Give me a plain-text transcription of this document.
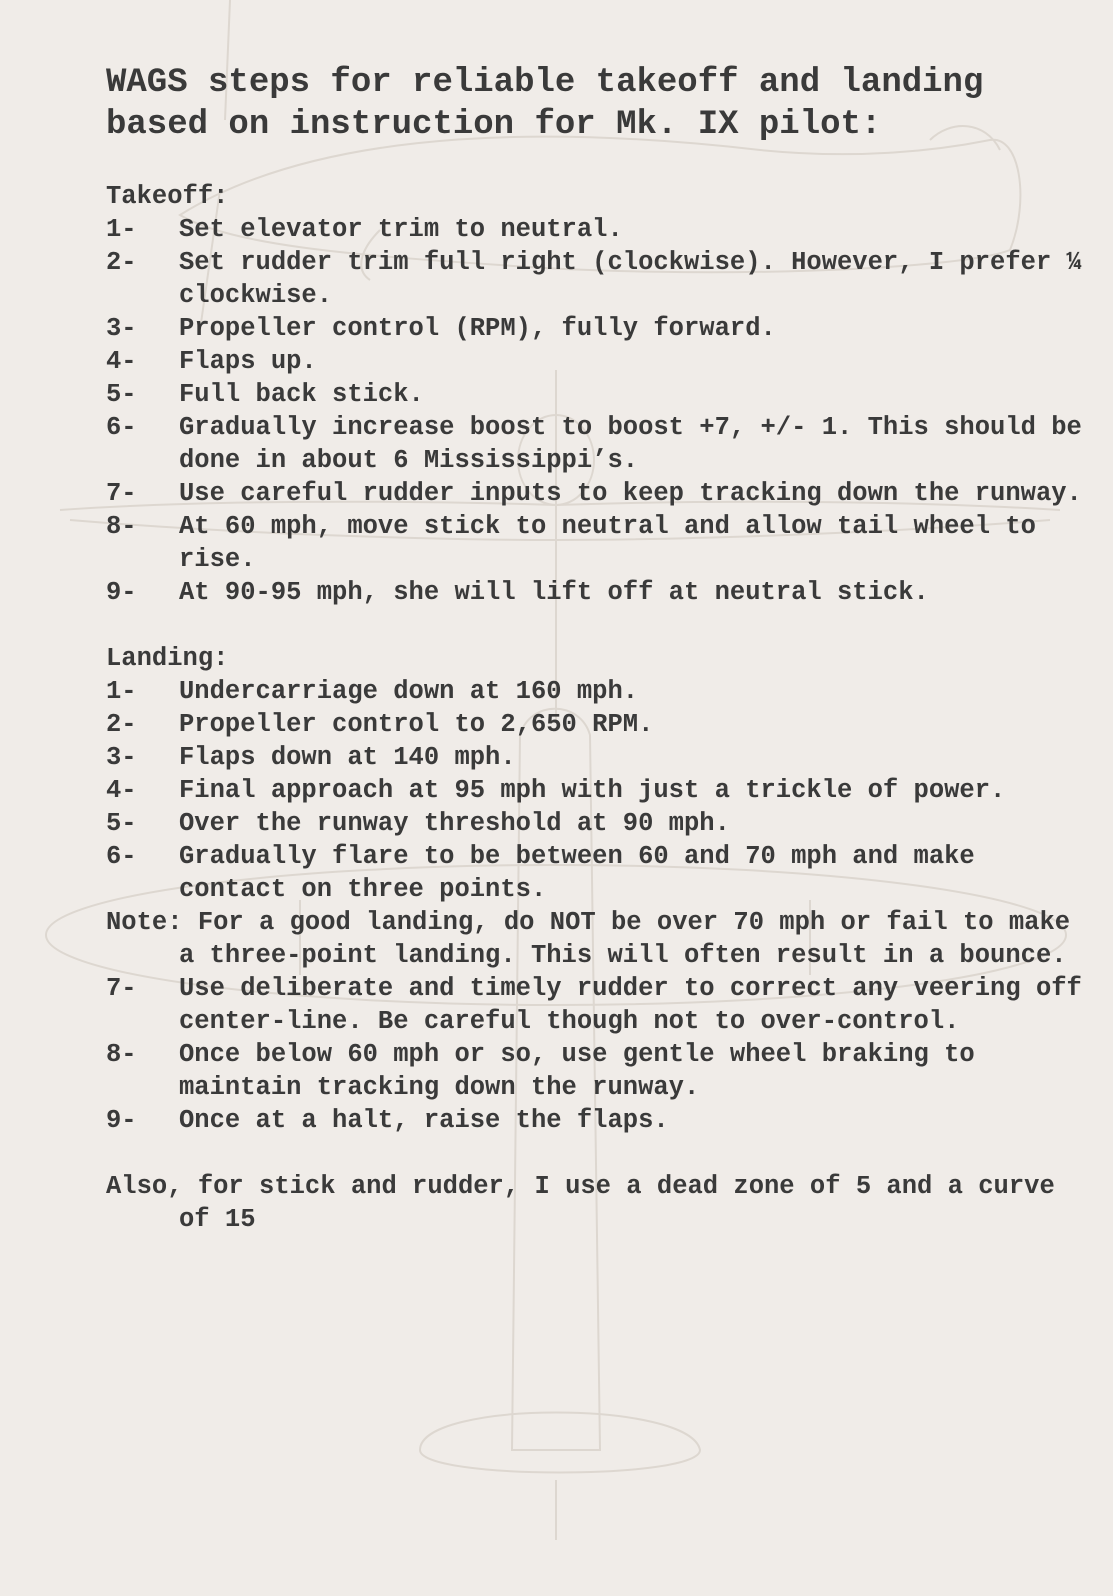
WAGS steps for reliable takeoff and landing based on instruction for Mk. IX pilot:
Takeoff:
1-	Set elevator trim to neutral.
2-	Set rudder trim full right (clockwise). However, I prefer ¼ clockwise.
3-	Propeller control (RPM), fully forward.
4-	Flaps up.
5-	Full back stick.
6-	Gradually increase boost to boost +7, +/- 1. This should be done in about 6 Mississippi’s.
7-	Use careful rudder inputs to keep tracking down the runway.
8-	At 60 mph, move stick to neutral and allow tail wheel to rise.
9-	At 90-95 mph, she will lift off at neutral stick.
Landing:
1-	Undercarriage down at 160 mph.
2-	Propeller control to 2,650 RPM.
3-	Flaps down at 140 mph.
4-	Final approach at 95 mph with just a trickle of power.
5-	Over the runway threshold at 90 mph.
6-	Gradually flare to be between 60 and 70 mph and make contact on three points.
Note: For a good landing, do NOT be over 70 mph or fail to make a three-point landing. This will often result in a bounce.
7-	Use deliberate and timely rudder to correct any veering off center-line. Be careful though not to over-control.
8-	Once below 60 mph or so, use gentle wheel braking to maintain tracking down the runway.
9-	Once at a halt, raise the flaps.
Also, for stick and rudder, I use a dead zone of 5 and a curve of 15
